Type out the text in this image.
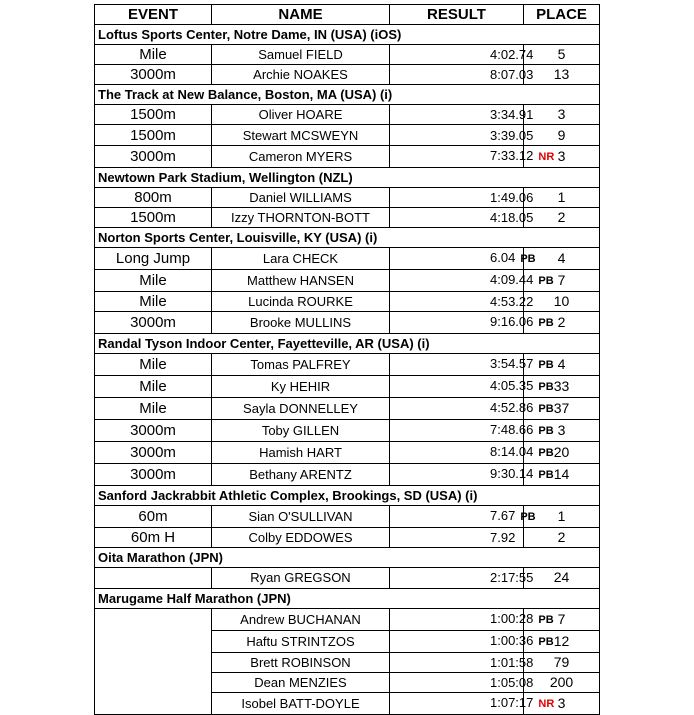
EVENT	NAME	RESULT	PLACE
Loftus Sports Center, Notre Dame, IN (USA) (iOS)			
Mile	Samuel FIELD	4:02.74	5
3000m	Archie NOAKES	8:07.03	13
The Track at New Balance, Boston, MA (USA) (i)			
1500m	Oliver HOARE	3:34.91	3
1500m	Stewart MCSWEYN	3:39.05	9
3000m	Cameron MYERS	7:33.12 NR	3
Newtown Park Stadium, Wellington (NZL)			
800m	Daniel WILLIAMS	1:49.06	1
1500m	Izzy THORNTON-BOTT	4:18.05	2
Norton Sports Center, Louisville, KY (USA) (i)			
Long Jump	Lara CHECK	6.04 PB	4
Mile	Matthew HANSEN	4:09.44 PB	7
Mile	Lucinda ROURKE	4:53.22	10
3000m	Brooke MULLINS	9:16.06 PB	2
Randal Tyson Indoor Center, Fayetteville, AR (USA) (i)			
Mile	Tomas PALFREY	3:54.57 PB	4
Mile	Ky HEHIR	4:05.35 PB	33
Mile	Sayla DONNELLEY	4:52.86 PB	37
3000m	Toby GILLEN	7:48.66 PB	3
3000m	Hamish HART	8:14.04 PB	20
3000m	Bethany ARENTZ	9:30.14 PB	14
Sanford Jackrabbit Athletic Complex, Brookings, SD (USA) (i)			
60m	Sian O'SULLIVAN	7.67 PB	1
60m H	Colby EDDOWES	7.92	2
Oita Marathon (JPN)			
	Ryan GREGSON	2:17:55	24
Marugame Half Marathon (JPN)			
	Andrew BUCHANAN	1:00:28 PB	7
	Haftu STRINTZOS	1:00:36 PB	12
	Brett ROBINSON	1:01:58	79
	Dean MENZIES	1:05:08	200
	Isobel BATT-DOYLE	1:07:17 NR	3
